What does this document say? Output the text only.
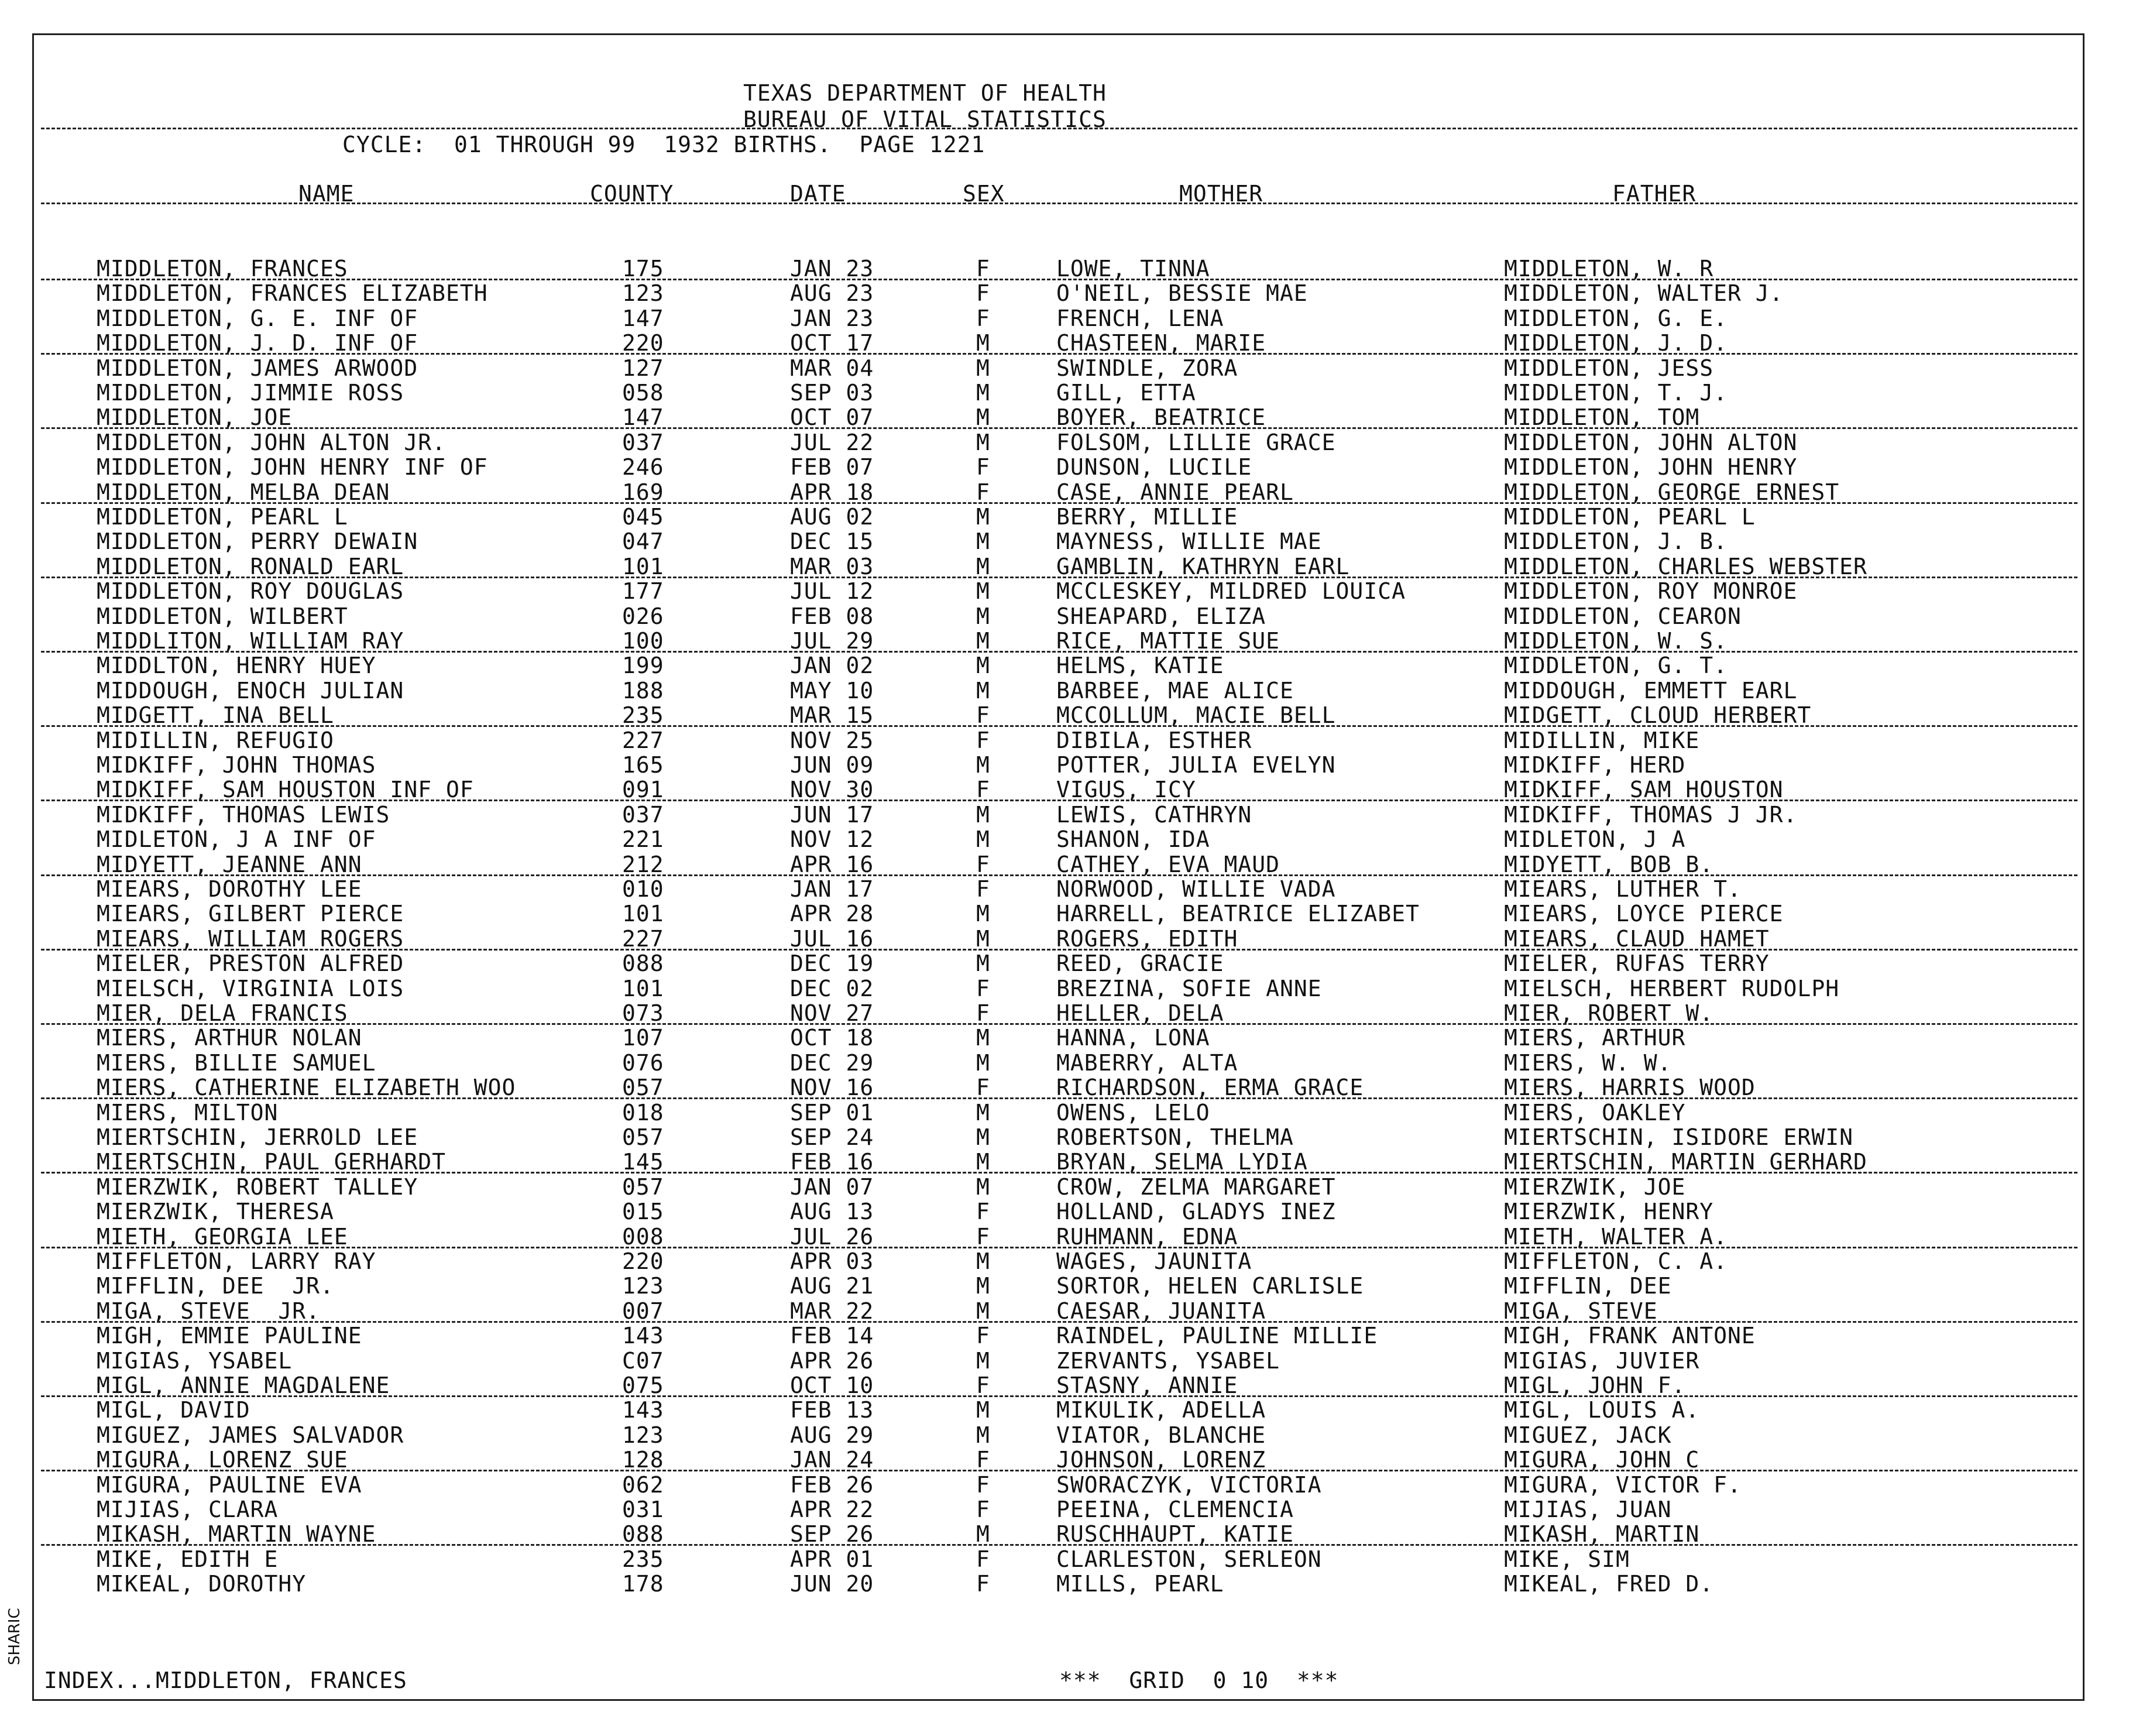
TEXAS DEPARTMENT OF HEALTH
BUREAU OF VITAL STATISTICS
CYCLE:  01 THROUGH 99  1932 BIRTHS.  PAGE 1221
NAME	COUNTY	DATE	SEX	MOTHER	FATHER
MIDDLETON, FRANCES	175	JAN 23	F	LOWE, TINNA	MIDDLETON, W. R
MIDDLETON, FRANCES ELIZABETH	123	AUG 23	F	O'NEIL, BESSIE MAE	MIDDLETON, WALTER J.
MIDDLETON, G. E. INF OF	147	JAN 23	F	FRENCH, LENA	MIDDLETON, G. E.
MIDDLETON, J. D. INF OF	220	OCT 17	M	CHASTEEN, MARIE	MIDDLETON, J. D.
MIDDLETON, JAMES ARWOOD	127	MAR 04	M	SWINDLE, ZORA	MIDDLETON, JESS
MIDDLETON, JIMMIE ROSS	058	SEP 03	M	GILL, ETTA	MIDDLETON, T. J.
MIDDLETON, JOE	147	OCT 07	M	BOYER, BEATRICE	MIDDLETON, TOM
MIDDLETON, JOHN ALTON JR.	037	JUL 22	M	FOLSOM, LILLIE GRACE	MIDDLETON, JOHN ALTON
MIDDLETON, JOHN HENRY INF OF	246	FEB 07	F	DUNSON, LUCILE	MIDDLETON, JOHN HENRY
MIDDLETON, MELBA DEAN	169	APR 18	F	CASE, ANNIE PEARL	MIDDLETON, GEORGE ERNEST
MIDDLETON, PEARL L	045	AUG 02	M	BERRY, MILLIE	MIDDLETON, PEARL L
MIDDLETON, PERRY DEWAIN	047	DEC 15	M	MAYNESS, WILLIE MAE	MIDDLETON, J. B.
MIDDLETON, RONALD EARL	101	MAR 03	M	GAMBLIN, KATHRYN EARL	MIDDLETON, CHARLES WEBSTER
MIDDLETON, ROY DOUGLAS	177	JUL 12	M	MCCLESKEY, MILDRED LOUICA	MIDDLETON, ROY MONROE
MIDDLETON, WILBERT	026	FEB 08	M	SHEAPARD, ELIZA	MIDDLETON, CEARON
MIDDLITON, WILLIAM RAY	100	JUL 29	M	RICE, MATTIE SUE	MIDDLETON, W. S.
MIDDLTON, HENRY HUEY	199	JAN 02	M	HELMS, KATIE	MIDDLETON, G. T.
MIDDOUGH, ENOCH JULIAN	188	MAY 10	M	BARBEE, MAE ALICE	MIDDOUGH, EMMETT EARL
MIDGETT, INA BELL	235	MAR 15	F	MCCOLLUM, MACIE BELL	MIDGETT, CLOUD HERBERT
MIDILLIN, REFUGIO	227	NOV 25	F	DIBILA, ESTHER	MIDILLIN, MIKE
MIDKIFF, JOHN THOMAS	165	JUN 09	M	POTTER, JULIA EVELYN	MIDKIFF, HERD
MIDKIFF, SAM HOUSTON INF OF	091	NOV 30	F	VIGUS, ICY	MIDKIFF, SAM HOUSTON
MIDKIFF, THOMAS LEWIS	037	JUN 17	M	LEWIS, CATHRYN	MIDKIFF, THOMAS J JR.
MIDLETON, J A INF OF	221	NOV 12	M	SHANON, IDA	MIDLETON, J A
MIDYETT, JEANNE ANN	212	APR 16	F	CATHEY, EVA MAUD	MIDYETT, BOB B.
MIEARS, DOROTHY LEE	010	JAN 17	F	NORWOOD, WILLIE VADA	MIEARS, LUTHER T.
MIEARS, GILBERT PIERCE	101	APR 28	M	HARRELL, BEATRICE ELIZABET	MIEARS, LOYCE PIERCE
MIEARS, WILLIAM ROGERS	227	JUL 16	M	ROGERS, EDITH	MIEARS, CLAUD HAMET
MIELER, PRESTON ALFRED	088	DEC 19	M	REED, GRACIE	MIELER, RUFAS TERRY
MIELSCH, VIRGINIA LOIS	101	DEC 02	F	BREZINA, SOFIE ANNE	MIELSCH, HERBERT RUDOLPH
MIER, DELA FRANCIS	073	NOV 27	F	HELLER, DELA	MIER, ROBERT W.
MIERS, ARTHUR NOLAN	107	OCT 18	M	HANNA, LONA	MIERS, ARTHUR
MIERS, BILLIE SAMUEL	076	DEC 29	M	MABERRY, ALTA	MIERS, W. W.
MIERS, CATHERINE ELIZABETH WOO	057	NOV 16	F	RICHARDSON, ERMA GRACE	MIERS, HARRIS WOOD
MIERS, MILTON	018	SEP 01	M	OWENS, LELO	MIERS, OAKLEY
MIERTSCHIN, JERROLD LEE	057	SEP 24	M	ROBERTSON, THELMA	MIERTSCHIN, ISIDORE ERWIN
MIERTSCHIN, PAUL GERHARDT	145	FEB 16	M	BRYAN, SELMA LYDIA	MIERTSCHIN, MARTIN GERHARD
MIERZWIK, ROBERT TALLEY	057	JAN 07	M	CROW, ZELMA MARGARET	MIERZWIK, JOE
MIERZWIK, THERESA	015	AUG 13	F	HOLLAND, GLADYS INEZ	MIERZWIK, HENRY
MIETH, GEORGIA LEE	008	JUL 26	F	RUHMANN, EDNA	MIETH, WALTER A.
MIFFLETON, LARRY RAY	220	APR 03	M	WAGES, JAUNITA	MIFFLETON, C. A.
MIFFLIN, DEE  JR.	123	AUG 21	M	SORTOR, HELEN CARLISLE	MIFFLIN, DEE
MIGA, STEVE  JR.	007	MAR 22	M	CAESAR, JUANITA	MIGA, STEVE
MIGH, EMMIE PAULINE	143	FEB 14	F	RAINDEL, PAULINE MILLIE	MIGH, FRANK ANTONE
MIGIAS, YSABEL	C07	APR 26	M	ZERVANTS, YSABEL	MIGIAS, JUVIER
MIGL, ANNIE MAGDALENE	075	OCT 10	F	STASNY, ANNIE	MIGL, JOHN F.
MIGL, DAVID	143	FEB 13	M	MIKULIK, ADELLA	MIGL, LOUIS A.
MIGUEZ, JAMES SALVADOR	123	AUG 29	M	VIATOR, BLANCHE	MIGUEZ, JACK
MIGURA, LORENZ SUE	128	JAN 24	F	JOHNSON, LORENZ	MIGURA, JOHN C
MIGURA, PAULINE EVA	062	FEB 26	F	SWORACZYK, VICTORIA	MIGURA, VICTOR F.
MIJIAS, CLARA	031	APR 22	F	PEEINA, CLEMENCIA	MIJIAS, JUAN
MIKASH, MARTIN WAYNE	088	SEP 26	M	RUSCHHAUPT, KATIE	MIKASH, MARTIN
MIKE, EDITH E	235	APR 01	F	CLARLESTON, SERLEON	MIKE, SIM
MIKEAL, DOROTHY	178	JUN 20	F	MILLS, PEARL	MIKEAL, FRED D.
INDEX...MIDDLETON, FRANCES	***  GRID  0 10  ***
SHARIC
